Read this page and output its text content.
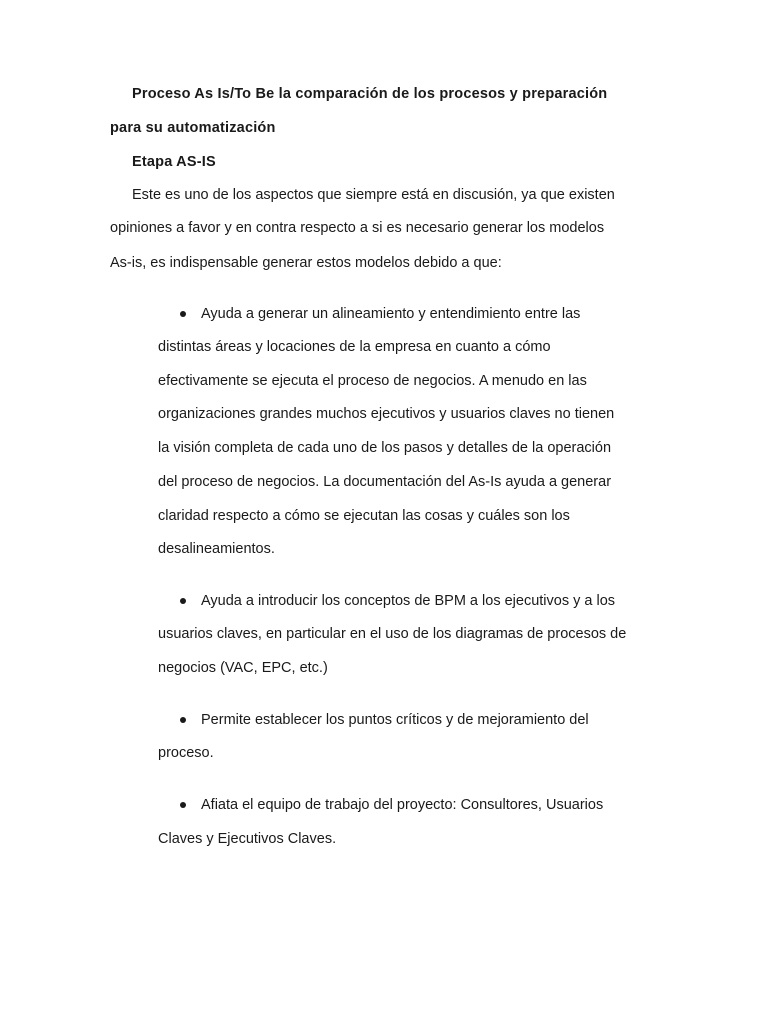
Proceso As Is/To Be la comparación de los procesos y preparación
para su automatización
Etapa AS-IS
Este es uno de los aspectos que siempre está en discusión, ya que existen
opiniones a favor y en contra respecto a si es necesario generar los modelos
As-is, es indispensable generar estos modelos debido a que:
Ayuda a generar un alineamiento y entendimiento entre las
distintas áreas y locaciones de la empresa en cuanto a cómo
efectivamente se ejecuta el proceso de negocios. A menudo en las
organizaciones grandes muchos ejecutivos y usuarios claves no tienen
la visión completa de cada uno de los pasos y detalles de la operación
del proceso de negocios. La documentación del As-Is ayuda a generar
claridad respecto a cómo se ejecutan las cosas y cuáles son los
desalineamientos.
Ayuda a introducir los conceptos de BPM a los ejecutivos y a los
usuarios claves, en particular en el uso de los diagramas de procesos de
negocios (VAC, EPC, etc.)
Permite establecer los puntos críticos y de mejoramiento del
proceso.
Afiata el equipo de trabajo del proyecto: Consultores, Usuarios
Claves y Ejecutivos Claves.
